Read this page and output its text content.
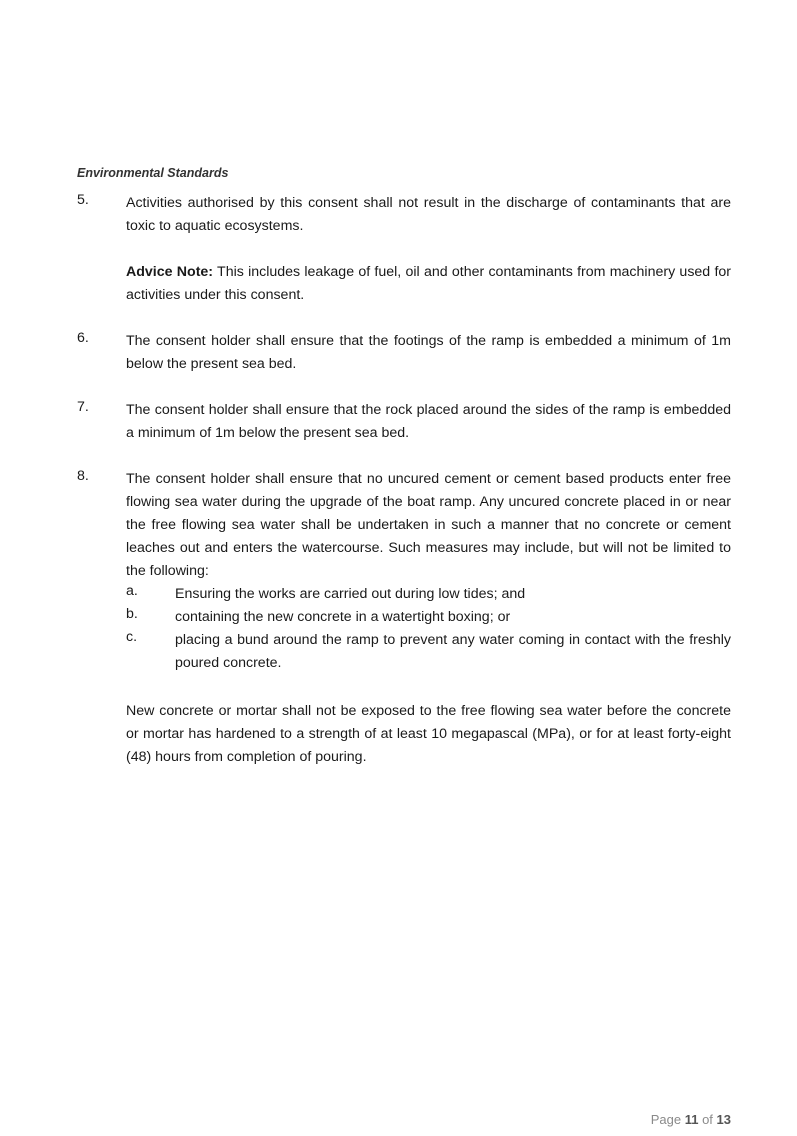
Environmental Standards
5.	Activities authorised by this consent shall not result in the discharge of contaminants that are toxic to aquatic ecosystems.
Advice Note: This includes leakage of fuel, oil and other contaminants from machinery used for activities under this consent.
6.	The consent holder shall ensure that the footings of the ramp is embedded a minimum of 1m below the present sea bed.
7.	The consent holder shall ensure that the rock placed around the sides of the ramp is embedded a minimum of 1m below the present sea bed.
8.	The consent holder shall ensure that no uncured cement or cement based products enter free flowing sea water during the upgrade of the boat ramp. Any uncured concrete placed in or near the free flowing sea water shall be undertaken in such a manner that no concrete or cement leaches out and enters the watercourse. Such measures may include, but will not be limited to the following:
a.	Ensuring the works are carried out during low tides; and
b.	containing the new concrete in a watertight boxing; or
c.	placing a bund around the ramp to prevent any water coming in contact with the freshly poured concrete.
New concrete or mortar shall not be exposed to the free flowing sea water before the concrete or mortar has hardened to a strength of at least 10 megapascal (MPa), or for at least forty-eight (48) hours from completion of pouring.
Page 11 of 13
